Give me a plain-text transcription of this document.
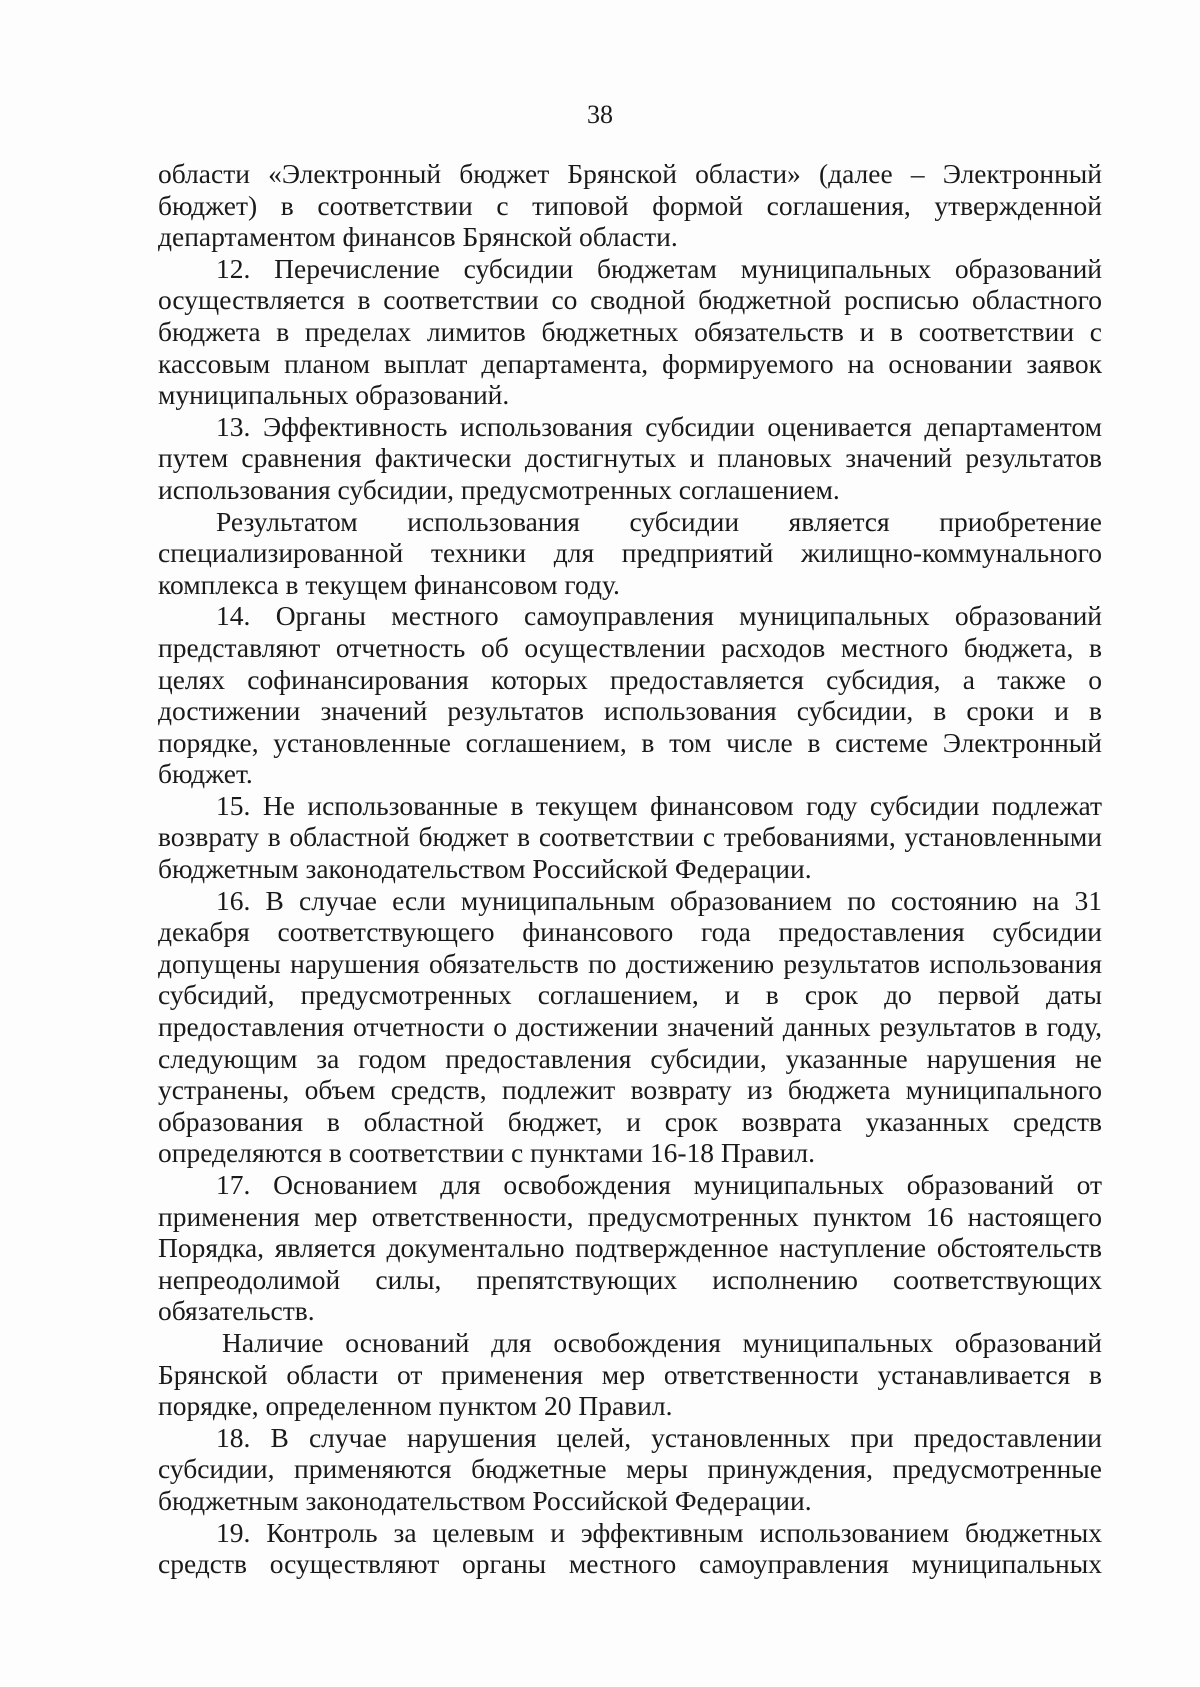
38

области «Электронный бюджет Брянской области» (далее – Электронный бюджет) в соответствии с типовой формой соглашения, утвержденной департаментом финансов Брянской области.

12. Перечисление субсидии бюджетам муниципальных образований осуществляется в соответствии со сводной бюджетной росписью областного бюджета в пределах лимитов бюджетных обязательств и в соответствии с кассовым планом выплат департамента, формируемого на основании заявок муниципальных образований.

13. Эффективность использования субсидии оценивается департаментом путем сравнения фактически достигнутых и плановых значений результатов использования субсидии, предусмотренных соглашением.

Результатом использования субсидии является приобретение специализированной техники для предприятий жилищно-коммунального комплекса в текущем финансовом году.

14. Органы местного самоуправления муниципальных образований представляют отчетность об осуществлении расходов местного бюджета, в целях софинансирования которых предоставляется субсидия, а также о достижении значений результатов использования субсидии, в сроки и в порядке, установленные соглашением, в том числе в системе Электронный бюджет.

15. Не использованные в текущем финансовом году субсидии подлежат возврату в областной бюджет в соответствии с требованиями, установленными бюджетным законодательством Российской Федерации.

16. В случае если муниципальным образованием по состоянию на 31 декабря соответствующего финансового года предоставления субсидии допущены нарушения обязательств по достижению результатов использования субсидий, предусмотренных соглашением, и в срок до первой даты предоставления отчетности о достижении значений данных результатов в году, следующим за годом предоставления субсидии, указанные нарушения не устранены, объем средств, подлежит возврату из бюджета муниципального образования в областной бюджет, и срок возврата указанных средств определяются в соответствии с пунктами 16-18 Правил.

17. Основанием для освобождения муниципальных образований от применения мер ответственности, предусмотренных пунктом 16 настоящего Порядка, является документально подтвержденное наступление обстоятельств непреодолимой силы, препятствующих исполнению соответствующих обязательств.

Наличие оснований для освобождения муниципальных образований Брянской области от применения мер ответственности устанавливается в порядке, определенном пунктом 20 Правил.

18. В случае нарушения целей, установленных при предоставлении субсидии, применяются бюджетные меры принуждения, предусмотренные бюджетным законодательством Российской Федерации.

19. Контроль за целевым и эффективным использованием бюджетных средств осуществляют органы местного самоуправления муниципальных
